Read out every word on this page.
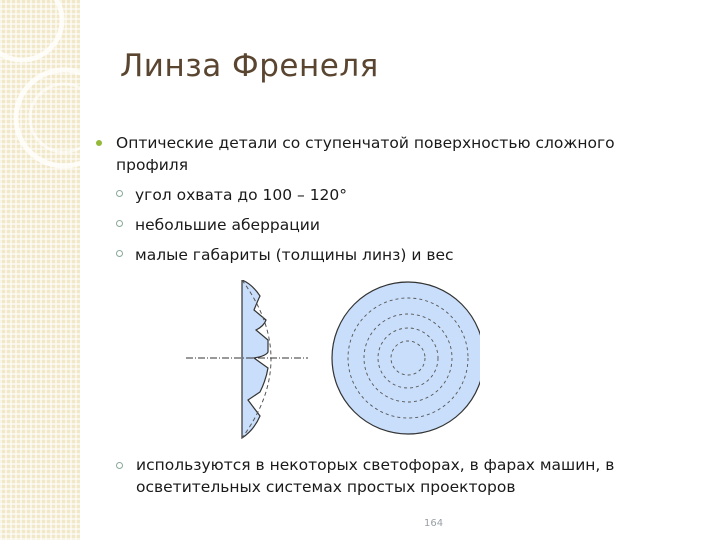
Линза Френеля
Оптические детали со ступенчатой поверхностью сложного профиля
угол охвата до 100 – 120°
небольшие аберрации
малые габариты (толщины линз) и вес
используются в некоторых светофорах, в фарах машин, в осветительных системах простых проекторов
164
